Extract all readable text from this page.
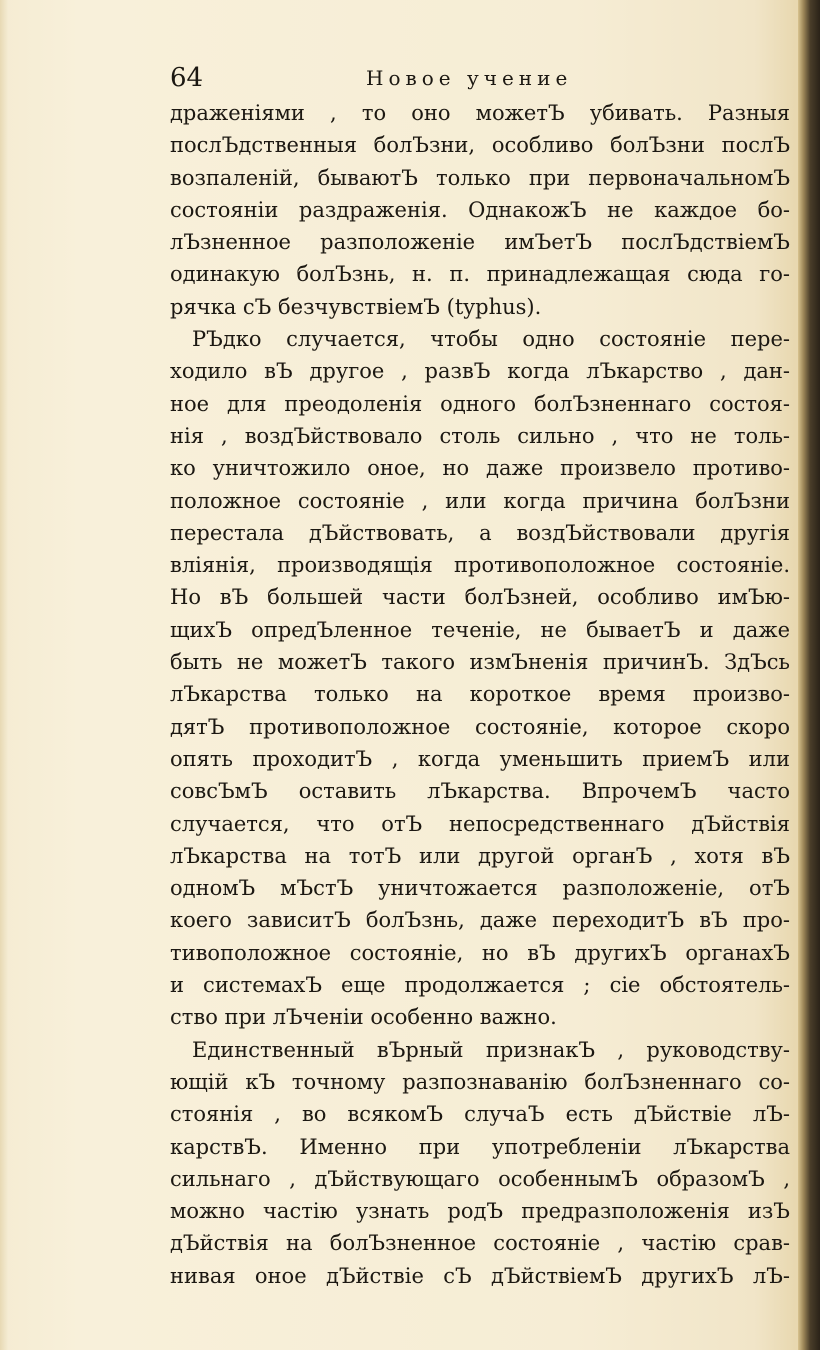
64	Новое учение
драженіями , то оно можетЪ убивать. Разныя
послЪдственныя болЪзни, особливо болЪзни послЪ
возпаленій, бываютЪ только при первоначальномЪ
состояніи раздраженія. ОднакожЪ не каждое бо-
лЪзненное разположеніе имЪетЪ послЪдствіемЪ
одинакую болЪзнь, н. п. принадлежащая сюда го-
рячка сЪ безчувствіемЪ (typhus).
РЪдко случается, чтобы одно состояніе пере-
ходило вЪ другое , развЪ когда лЪкарство , дан-
ное для преодоленія одного болЪзненнаго состоя-
нія , воздЪйствовало столь сильно , что не толь-
ко уничтожило оное, но даже произвело противо-
положное состояніе , или когда причина болЪзни
перестала дЪйствовать, а воздЪйствовали другія
вліянія, производящія противоположное состояніе.
Но вЪ большей части болЪзней, особливо имЪю-
щихЪ опредЪленное теченіе, не бываетЪ и даже
быть не можетЪ такого измЪненія причинЪ. ЗдЪсь
лЪкарства только на короткое время произво-
дятЪ противоположное состояніе, которое скоро
опять проходитЪ , когда уменьшить приемЪ или
совсЪмЪ оставить лЪкарства. ВпрочемЪ часто
случается, что отЪ непосредственнаго дЪйствія
лЪкарства на тотЪ или другой органЪ , хотя вЪ
одномЪ мЪстЪ уничтожается разположеніе, отЪ
коего зависитЪ болЪзнь, даже переходитЪ вЪ про-
тивоположное состояніе, но вЪ другихЪ органахЪ
и системахЪ еще продолжается ; сіе обстоятель-
ство при лЪченіи особенно важно.
Единственный вЪрный признакЪ , руководству-
ющій кЪ точному разпознаванію болЪзненнаго со-
стоянія , во всякомЪ случаЪ есть дЪйствіе лЪ-
карствЪ. Именно при употребленіи лЪкарства
сильнаго , дЪйствующаго особеннымЪ образомЪ ,
можно частію узнать родЪ предразположенія изЪ
дЪйствія на болЪзненное состояніе , частію срав-
нивая оное дЪйствіе сЪ дЪйствіемЪ другихЪ лЪ-
